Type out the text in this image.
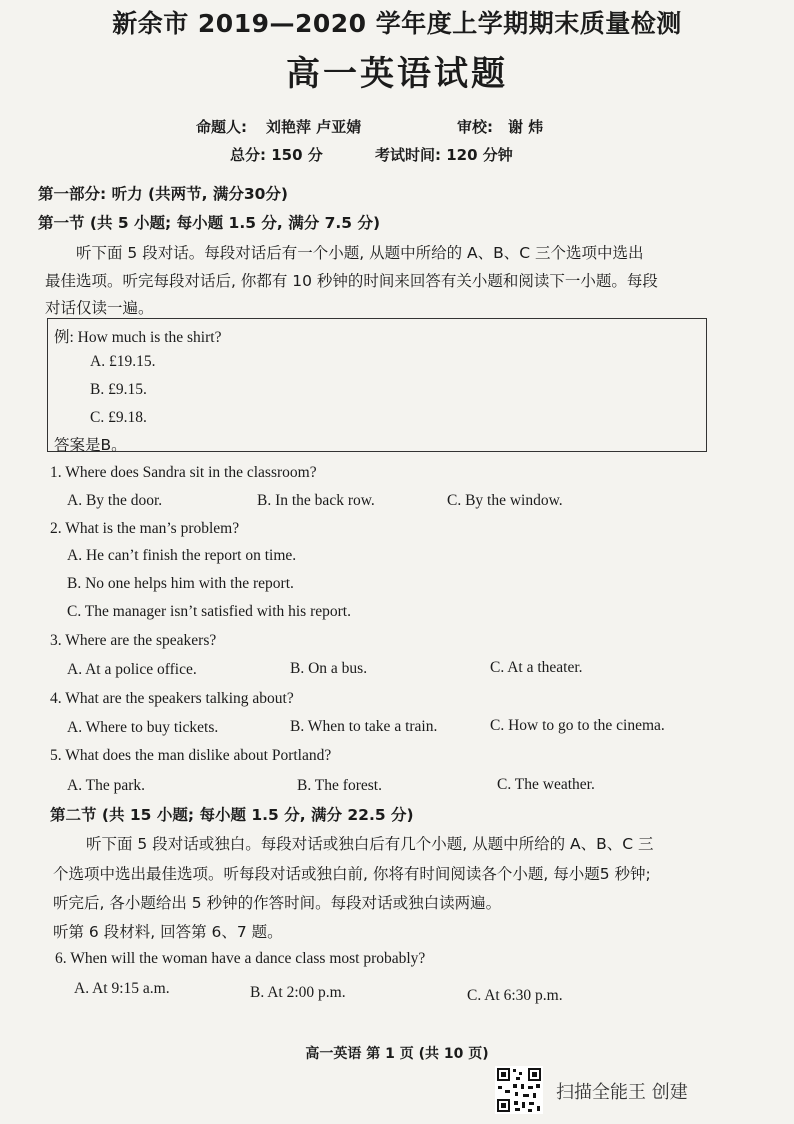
新余市 2019—2020 学年度上学期期末质量检测
高一英语试题
命题人: 刘艳萍 卢亚婧	审校: 谢 炜
总分: 150 分	考试时间: 120 分钟
第一部分: 听力 (共两节, 满分30分)
第一节 (共 5 小题; 每小题 1.5 分, 满分 7.5 分)
听下面 5 段对话。每段对话后有一个小题, 从题中所给的 A、B、C 三个选项中选出
最佳选项。听完每段对话后, 你都有 10 秒钟的时间来回答有关小题和阅读下一小题。每段
对话仅读一遍。
例: How much is the shirt?
A. £19.15.
B. £9.15.
C. £9.18.
答案是B。
1. Where does Sandra sit in the classroom?
A. By the door.	B. In the back row.	C. By the window.
2. What is the man’s problem?
A. He can’t finish the report on time.
B. No one helps him with the report.
C. The manager isn’t satisfied with his report.
3. Where are the speakers?
A. At a police office.	B. On a bus.	C. At a theater.
4. What are the speakers talking about?
A. Where to buy tickets.	B. When to take a train.	C. How to go to the cinema.
5. What does the man dislike about Portland?
A. The park.	B. The forest.	C. The weather.
第二节 (共 15 小题; 每小题 1.5 分, 满分 22.5 分)
听下面 5 段对话或独白。每段对话或独白后有几个小题, 从题中所给的 A、B、C 三
个选项中选出最佳选项。听每段对话或独白前, 你将有时间阅读各个小题, 每小题5 秒钟;
听完后, 各小题给出 5 秒钟的作答时间。每段对话或独白读两遍。
听第 6 段材料, 回答第 6、7 题。
6. When will the woman have a dance class most probably?
A. At 9:15 a.m.	B. At 2:00 p.m.	C. At 6:30 p.m.
高一英语 第 1 页 (共 10 页)
扫描全能王 创建
